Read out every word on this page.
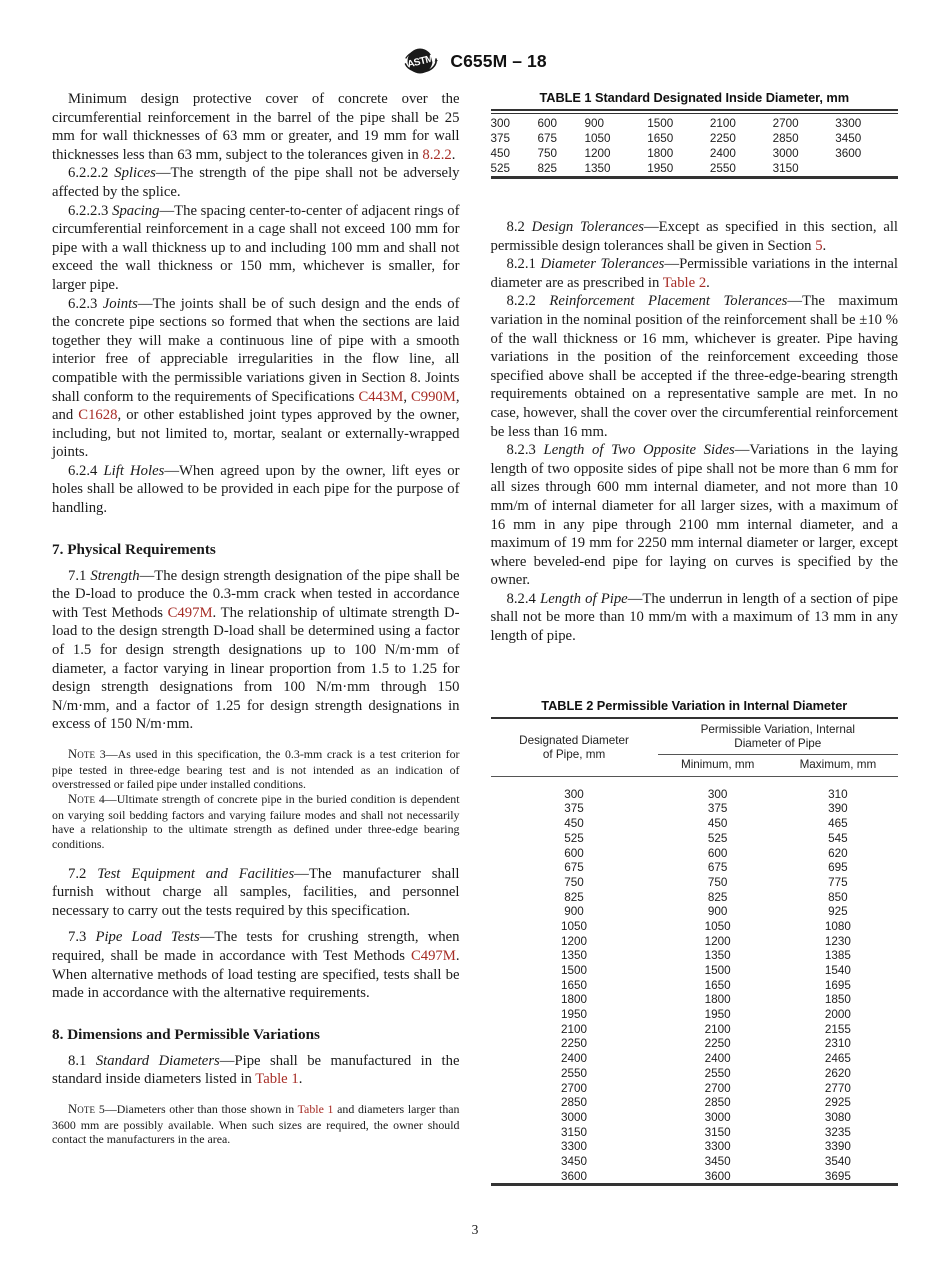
ASTM C655M – 18

Minimum design protective cover of concrete over the circumferential reinforcement in the barrel of the pipe shall be 25 mm for wall thicknesses of 63 mm or greater, and 19 mm for wall thicknesses less than 63 mm, subject to the tolerances given in 8.2.2.

6.2.2.2 Splices—The strength of the pipe shall not be adversely affected by the splice.

6.2.2.3 Spacing—The spacing center-to-center of adjacent rings of circumferential reinforcement in a cage shall not exceed 100 mm for pipe with a wall thickness up to and including 100 mm and shall not exceed the wall thickness or 150 mm, whichever is smaller, for larger pipe.

6.2.3 Joints—The joints shall be of such design and the ends of the concrete pipe sections so formed that when the sections are laid together they will make a continuous line of pipe with a smooth interior free of appreciable irregularities in the flow line, all compatible with the permissible variations given in Section 8. Joints shall conform to the requirements of Specifications C443M, C990M, and C1628, or other established joint types approved by the owner, including, but not limited to, mortar, sealant or externally-wrapped joints.

6.2.4 Lift Holes—When agreed upon by the owner, lift eyes or holes shall be allowed to be provided in each pipe for the purpose of handling.

7. Physical Requirements

7.1 Strength—The design strength designation of the pipe shall be the D-load to produce the 0.3-mm crack when tested in accordance with Test Methods C497M. The relationship of ultimate strength D-load to the design strength D-load shall be determined using a factor of 1.5 for design strength designations up to 100 N/m·mm of diameter, a factor varying in linear proportion from 1.5 to 1.25 for design strength designations from 100 N/m·mm through 150 N/m·mm, and a factor of 1.25 for design strength designations in excess of 150 N/m·mm.

Note 3—As used in this specification, the 0.3-mm crack is a test criterion for pipe tested in three-edge bearing test and is not intended as an indication of overstressed or failed pipe under installed conditions.

Note 4—Ultimate strength of concrete pipe in the buried condition is dependent on varying soil bedding factors and varying failure modes and shall not necessarily have a relationship to the ultimate strength as defined under three-edge bearing conditions.

7.2 Test Equipment and Facilities—The manufacturer shall furnish without charge all samples, facilities, and personnel necessary to carry out the tests required by this specification.

7.3 Pipe Load Tests—The tests for crushing strength, when required, shall be made in accordance with Test Methods C497M. When alternative methods of load testing are specified, tests shall be made in accordance with the alternative requirements.

8. Dimensions and Permissible Variations

8.1 Standard Diameters—Pipe shall be manufactured in the standard inside diameters listed in Table 1.

Note 5—Diameters other than those shown in Table 1 and diameters larger than 3600 mm are possibly available. When such sizes are required, the owner should contact the manufacturers in the area.

TABLE 1 Standard Designated Inside Diameter, mm
300	600	900	1500	2100	2700	3300
375	675	1050	1650	2250	2850	3450
450	750	1200	1800	2400	3000	3600
525	825	1350	1950	2550	3150	

8.2 Design Tolerances—Except as specified in this section, all permissible design tolerances shall be given in Section 5.

8.2.1 Diameter Tolerances—Permissible variations in the internal diameter are as prescribed in Table 2.

8.2.2 Reinforcement Placement Tolerances—The maximum variation in the nominal position of the reinforcement shall be ±10 % of the wall thickness or 16 mm, whichever is greater. Pipe having variations in the position of the reinforcement exceeding those specified above shall be accepted if the three-edge-bearing strength requirements obtained on a representative sample are met. In no case, however, shall the cover over the circumferential reinforcement be less than 16 mm.

8.2.3 Length of Two Opposite Sides—Variations in the laying length of two opposite sides of pipe shall not be more than 6 mm for all sizes through 600 mm internal diameter, and not more than 10 mm/m of internal diameter for all larger sizes, with a maximum of 16 mm in any pipe through 2100 mm internal diameter, and a maximum of 19 mm for 2250 mm internal diameter or larger, except where beveled-end pipe for laying on curves is specified by the owner.

8.2.4 Length of Pipe—The underrun in length of a section of pipe shall not be more than 10 mm/m with a maximum of 13 mm in any length of pipe.

TABLE 2 Permissible Variation in Internal Diameter
Designated Diameter
of Pipe, mm	Permissible Variation, Internal
Diameter of Pipe	
	Minimum, mm	Maximum, mm

300	300	310
375	375	390
450	450	465
525	525	545
600	600	620
675	675	695
750	750	775
825	825	850
900	900	925
1050	1050	1080
1200	1200	1230
1350	1350	1385
1500	1500	1540
1650	1650	1695
1800	1800	1850
1950	1950	2000
2100	2100	2155
2250	2250	2310
2400	2400	2465
2550	2550	2620
2700	2700	2770
2850	2850	2925
3000	3000	3080
3150	3150	3235
3300	3300	3390
3450	3450	3540
3600	3600	3695
3
